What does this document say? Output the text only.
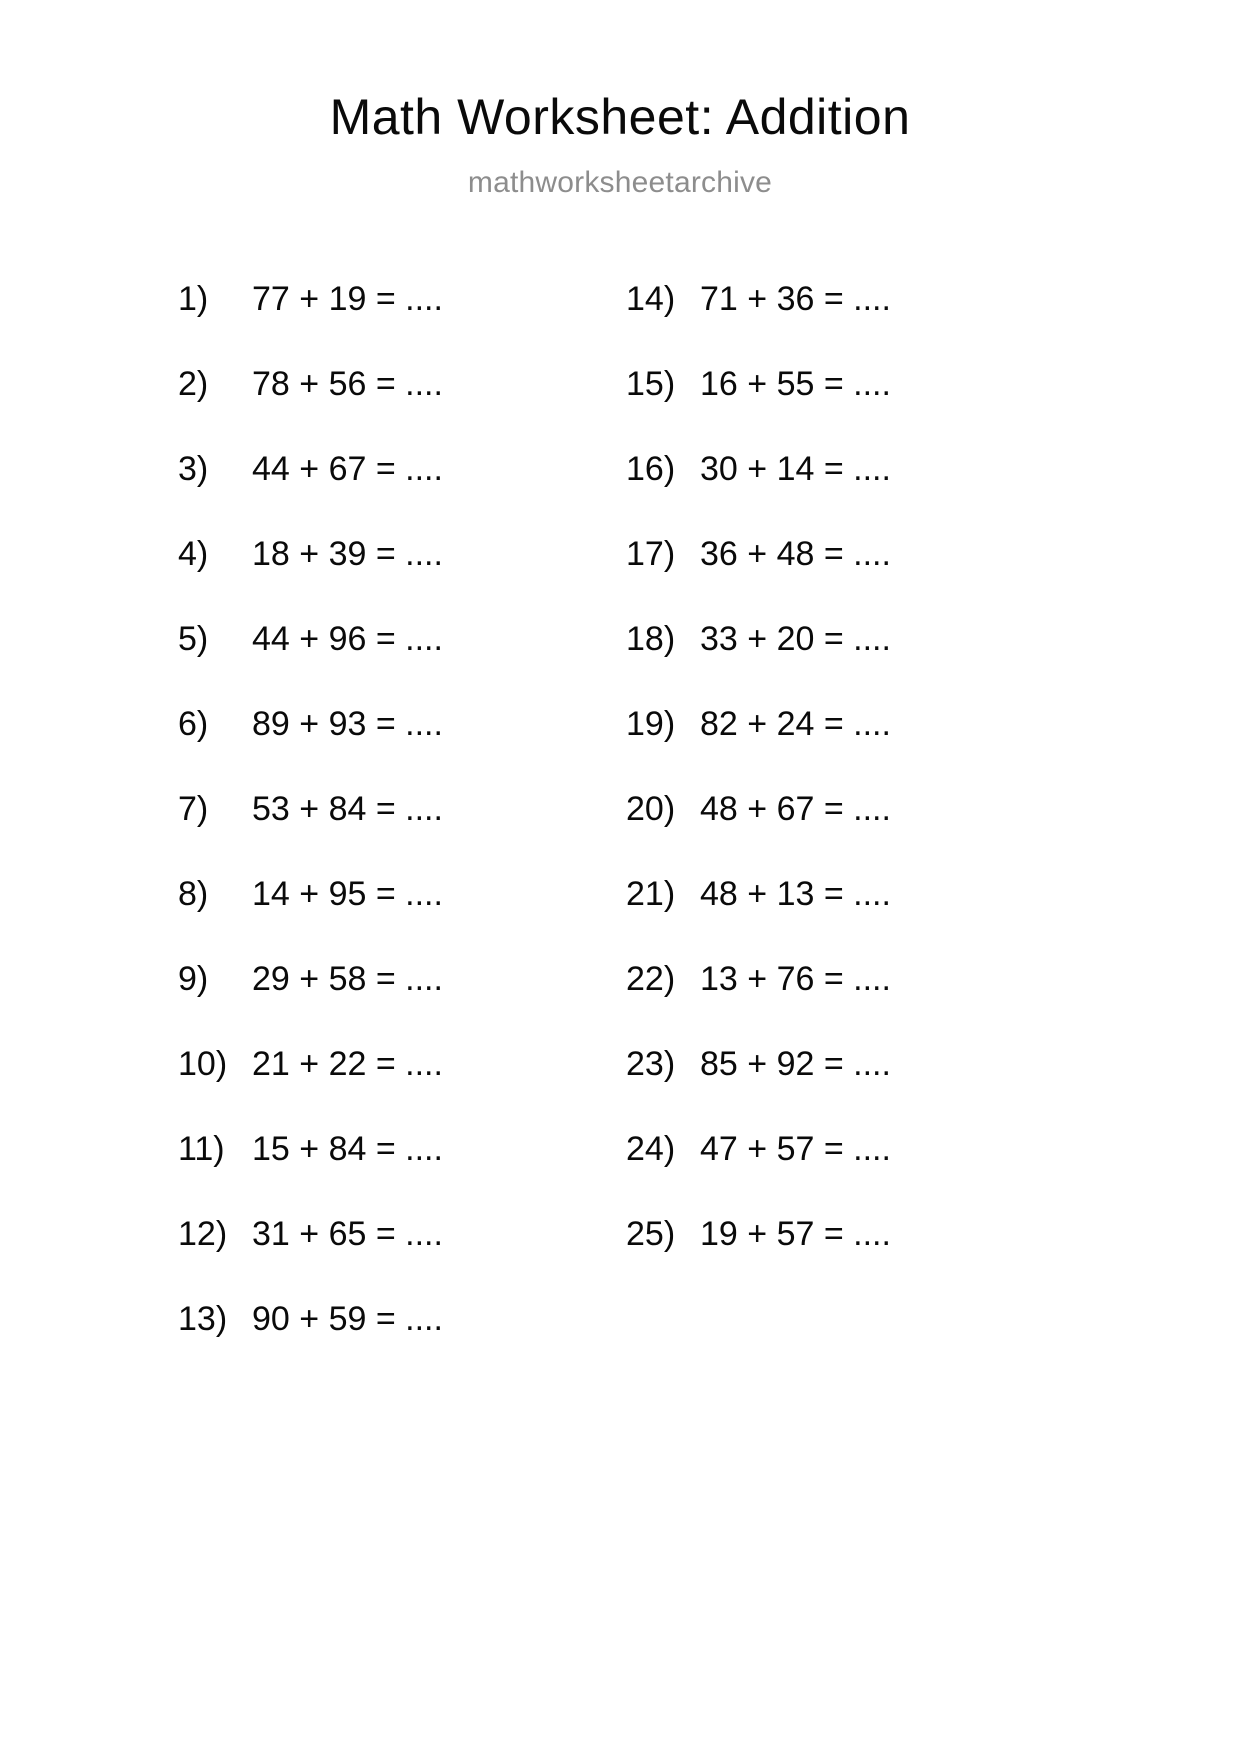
Math Worksheet: Addition
mathworksheetarchive
1)	77 + 19 = ....
2)	78 + 56 = ....
3)	44 + 67 = ....
4)	18 + 39 = ....
5)	44 + 96 = ....
6)	89 + 93 = ....
7)	53 + 84 = ....
8)	14 + 95 = ....
9)	29 + 58 = ....
10) 21 + 22 = ....
11) 15 + 84 = ....
12) 31 + 65 = ....
13) 90 + 59 = ....
14) 71 + 36 = ....
15) 16 + 55 = ....
16) 30 + 14 = ....
17) 36 + 48 = ....
18) 33 + 20 = ....
19) 82 + 24 = ....
20) 48 + 67 = ....
21) 48 + 13 = ....
22) 13 + 76 = ....
23) 85 + 92 = ....
24) 47 + 57 = ....
25) 19 + 57 = ....
